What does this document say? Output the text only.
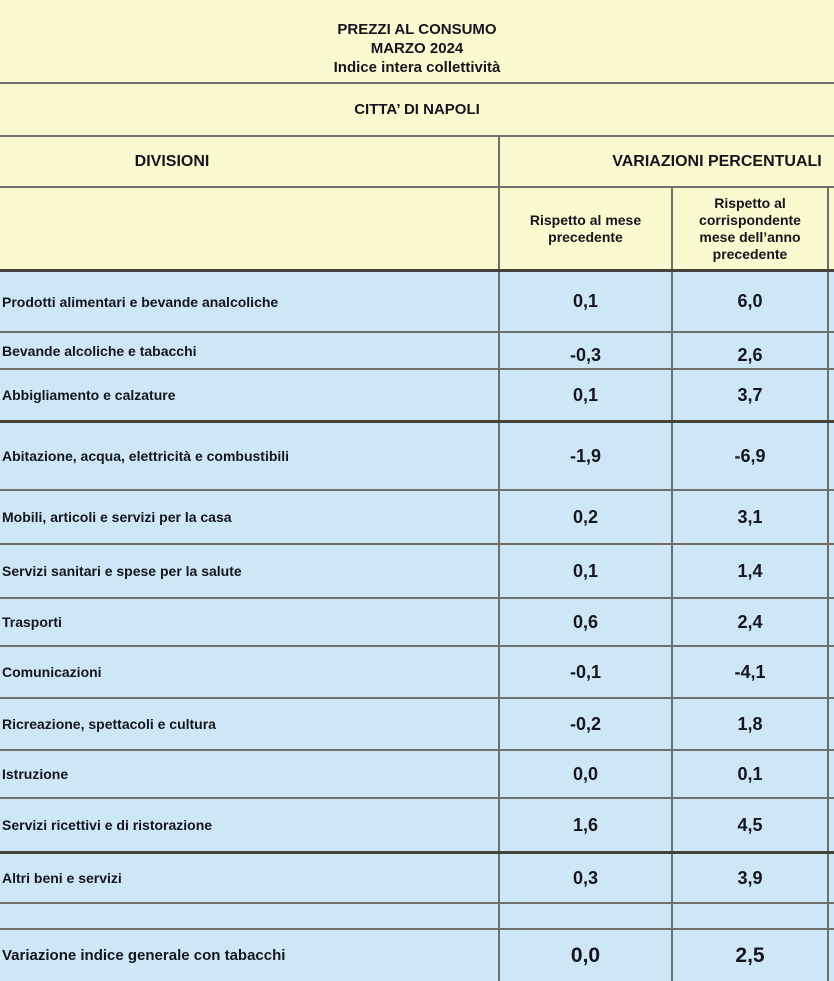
PREZZI AL CONSUMO
MARZO 2024
Indice intera collettività
CITTA’ DI NAPOLI
DIVISIONI	VARIAZIONI PERCENTUALI
Rispetto al mese precedente
Rispetto al corrispondente mese dell’anno precedente
Prodotti alimentari e bevande analcoliche	0,1	6,0
Bevande alcoliche e tabacchi	-0,3	2,6
Abbigliamento e calzature	0,1	3,7
Abitazione, acqua, elettricità e combustibili	-1,9	-6,9
Mobili, articoli e servizi per la casa	0,2	3,1
Servizi sanitari e spese per la salute	0,1	1,4
Trasporti	0,6	2,4
Comunicazioni	-0,1	-4,1
Ricreazione, spettacoli e cultura	-0,2	1,8
Istruzione	0,0	0,1
Servizi ricettivi e di ristorazione	1,6	4,5
Altri beni e servizi	0,3	3,9
Variazione indice generale con tabacchi	0,0	2,5
